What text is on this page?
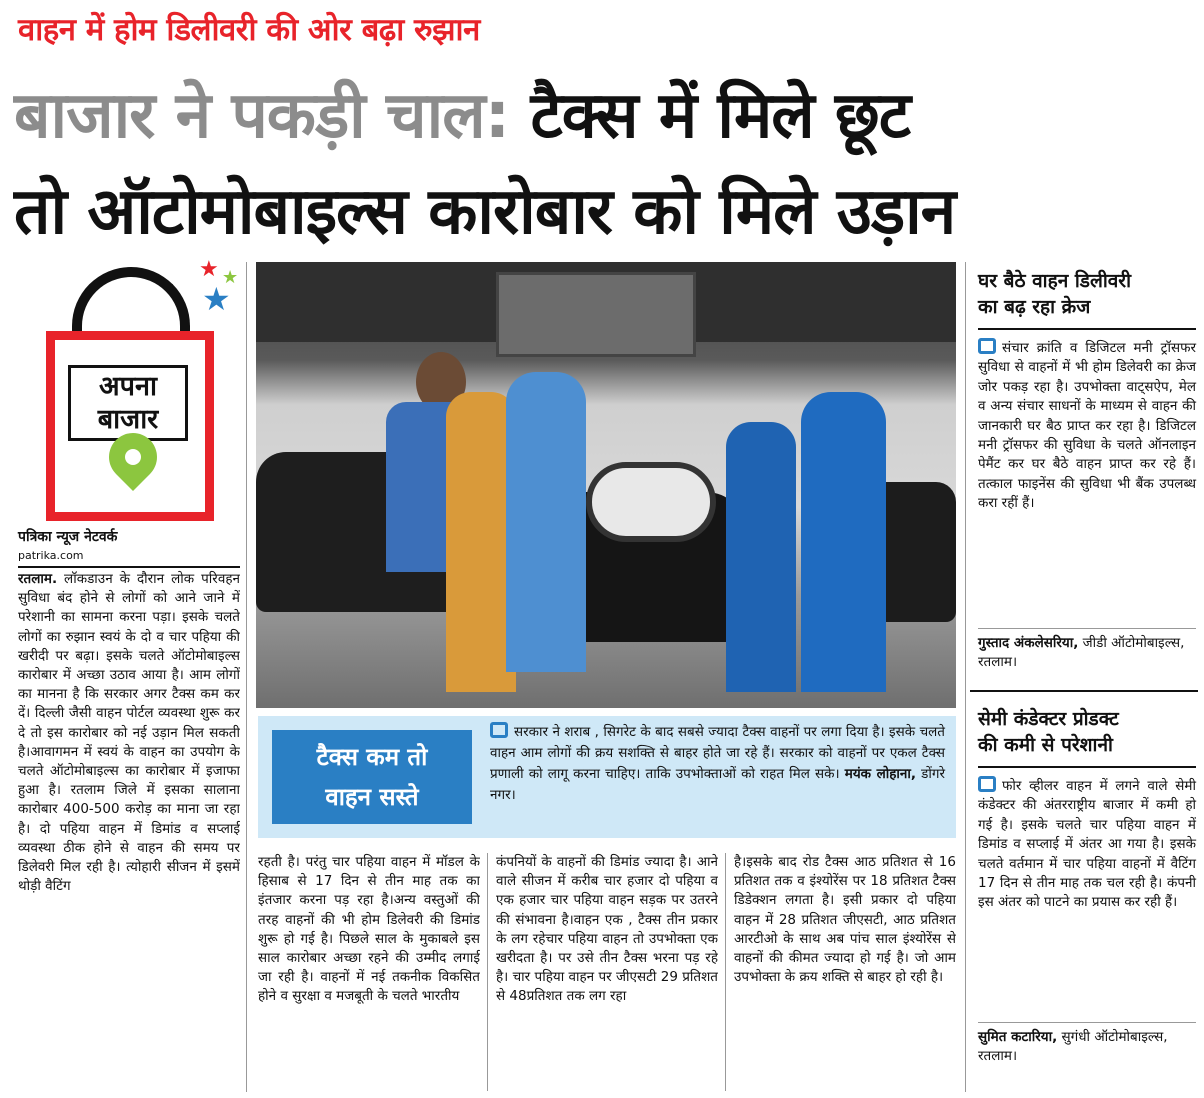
वाहन में होम डिलीवरी की ओर बढ़ा रुझान
बाजार ने पकड़ी चाल: टैक्स में मिले छूट
तो ऑटोमोबाइल्स कारोबार को मिले उड़ान
अपना
बाजार
★ ★
★
पत्रिका न्यूज नेटवर्क
patrika.com
रतलाम. लॉकडाउन के दौरान लोक परिवहन सुविधा बंद होने से लोगों को आने जाने में परेशानी का सामना करना पड़ा। इसके चलते लोगों का रुझान स्वयं के दो व चार पहिया की खरीदी पर बढ़ा। इसके चलते ऑटोमोबाइल्स कारोबार में अच्छा उठाव आया है। आम लोगों का मानना है कि सरकार अगर टैक्स कम कर दें। दिल्ली जैसी वाहन पोर्टल व्यवस्था शुरू कर दे तो इस कारोबार को नई उड़ान मिल सकती है।आवागमन में स्वयं के वाहन का उपयोग के चलते ऑटोमोबाइल्स का कारोबार में इजाफा हुआ है। रतलाम जिले में इसका सालाना कारोबार 400-500 करोड़ का माना जा रहा है। दो पहिया वाहन में डिमांड व सप्लाई व्यवस्था ठीक होने से वाहन की समय पर डिलेवरी मिल रही है। त्योहारी सीजन में इसमें थोड़ी वैटिंग
टैक्स कम तो
वाहन सस्ते
सरकार ने शराब , सिगरेट के बाद सबसे ज्यादा टैक्स वाहनों पर लगा दिया है। इसके चलते वाहन आम लोगों की क्रय सशक्ति से बाहर होते जा रहे हैं। सरकार को वाहनों पर एकल टैक्स प्रणाली को लागू करना चाहिए। ताकि उपभोक्ताओं को राहत मिल सके। मयंक लोहाना, डोंगरे नगर।
रहती है। परंतु चार पहिया वाहन में मॉडल के हिसाब से 17 दिन से तीन माह तक का इंतजार करना पड़ रहा है।अन्य वस्तुओं की तरह वाहनों की भी होम डिलेवरी की डिमांड शुरू हो गई है। पिछले साल के मुकाबले इस साल कारोबार अच्छा रहने की उम्मीद लगाई जा रही है। वाहनों में नई तकनीक विकसित होने व सुरक्षा व मजबूती के चलते भारतीय
कंपनियों के वाहनों की डिमांड ज्यादा है। आने वाले सीजन में करीब चार हजार दो पहिया व एक हजार चार पहिया वाहन सड़क पर उतरने की संभावना है।वाहन एक , टैक्स तीन प्रकार के लग रहेचार पहिया वाहन तो उपभोक्ता एक खरीदता है। पर उसे तीन टैक्स भरना पड़ रहे है। चार पहिया वाहन पर जीएसटी 29 प्रतिशत से 48प्रतिशत तक लग रहा
है।इसके बाद रोड टैक्स आठ प्रतिशत से 16 प्रतिशत तक व इंश्योरेंस पर 18 प्रतिशत टैक्स डिडेक्शन लगता है। इसी प्रकार दो पहिया वाहन में 28 प्रतिशत जीएसटी, आठ प्रतिशत आरटीओ के साथ अब पांच साल इंश्योरेंस से वाहनों की कीमत ज्यादा हो गई है। जो आम उपभोक्ता के क्रय शक्ति से बाहर हो रही है।
घर बैठे वाहन डिलीवरी
का बढ़ रहा क्रेज
संचार क्रांति व डिजिटल मनी ट्रॉसफर सुविधा से वाहनों में भी होम डिलेवरी का क्रेज जोर पकड़ रहा है। उपभोक्ता वाट्सऐप, मेल व अन्य संचार साधनों के माध्यम से वाहन की जानकारी घर बैठ प्राप्त कर रहा है। डिजिटल मनी ट्रॉसफर की सुविधा के चलते ऑनलाइन पेमैंट कर घर बैठे वाहन प्राप्त कर रहे हैं। तत्काल फाइनेंस की सुविधा भी बैंक उपलब्ध करा रहीं हैं।
गुस्ताद अंकलेसरिया, जीडी ऑटोमोबाइल्स, रतलाम।
सेमी कंडेक्टर प्रोडक्ट
की कमी से परेशानी
फोर व्हीलर वाहन में लगने वाले सेमी कंडेक्टर की अंतरराष्ट्रीय बाजार में कमी हो गई है। इसके चलते चार पहिया वाहन में डिमांड व सप्लाई में अंतर आ गया है। इसके चलते वर्तमान में चार पहिया वाहनों में वैटिंग 17 दिन से तीन माह तक चल रही है। कंपनी इस अंतर को पाटने का प्रयास कर रही हैं।
सुमित कटारिया, सुगंधी ऑटोमोबाइल्स, रतलाम।
